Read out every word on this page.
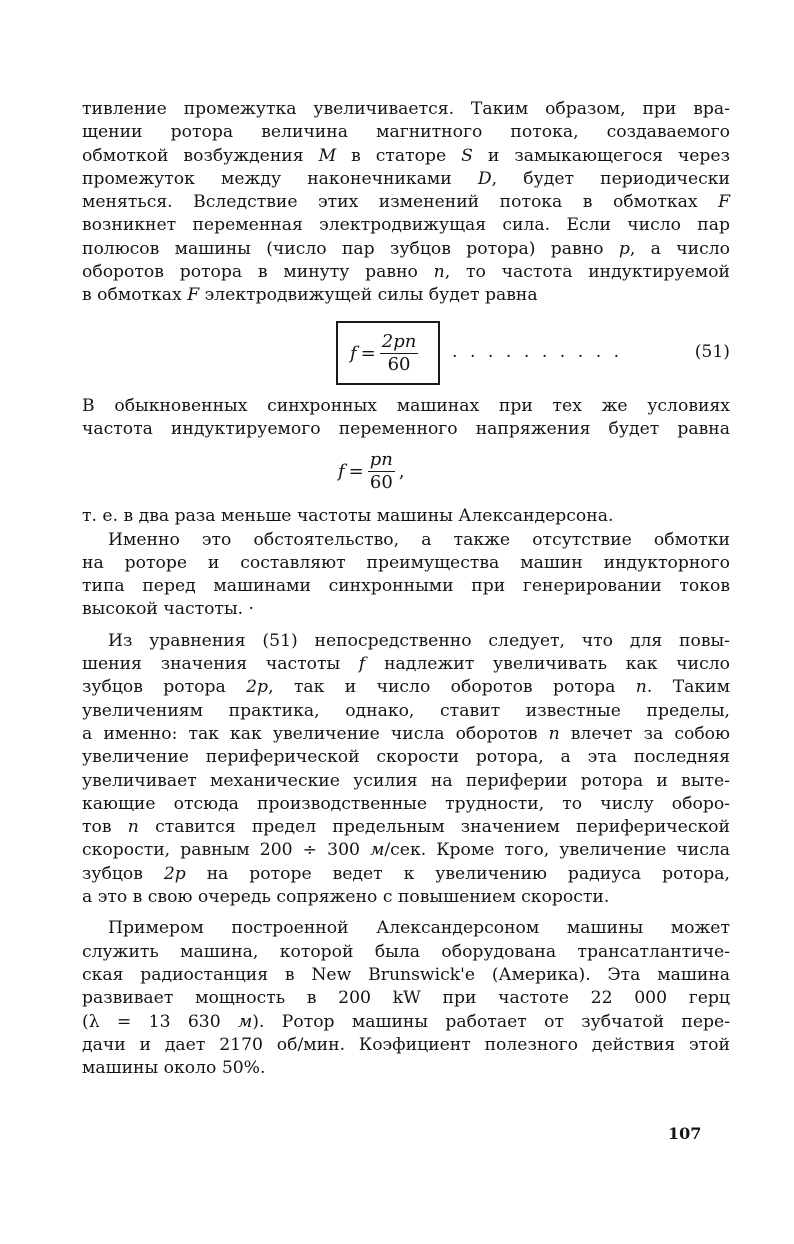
тивление промежутка увеличивается. Таким образом, при вра-
щении ротора величина магнитного потока, создаваемого
обмоткой возбуждения M в статоре S и замыкающегося через
промежуток между наконечниками D, будет периодически
меняться. Вследствие этих изменений потока в обмотках F
возникнет переменная электродвижущая сила. Если число пар
полюсов машины (число пар зубцов ротора) равно p, а число
оборотов ротора в минуту равно n, то частота индуктируемой
в обмотках F электродвижущей силы будет равна
$f = \frac{2pn}{60}$ ..........	(51)
В обыкновенных синхронных машинах при тех же условиях
частота индуктируемого переменного напряжения будет равна
$f = \frac{pn}{60}$ ,
т. е. в два раза меньше частоты машины Александерсона.
Именно это обстоятельство, а также отсутствие обмотки
на роторе и составляют преимущества машин индукторного
типа перед машинами синхронными при генерировании токов
высокой частоты. ·
Из уравнения (51) непосредственно следует, что для повы-
шения значения частоты f надлежит увеличивать как число
зубцов ротора 2p, так и число оборотов ротора n. Таким
увеличениям практика, однако, ставит известные пределы,
а именно: так как увеличение числа оборотов n влечет за собою
увеличение периферической скорости ротора, а эта последняя
увеличивает механические усилия на периферии ротора и выте-
кающие отсюда производственные трудности, то числу оборо-
тов n ставится предел предельным значением периферической
скорости, равным 200 ÷ 300 м/сек. Кроме того, увеличение числа
зубцов 2p на роторе ведет к увеличению радиуса ротора,
а это в свою очередь сопряжено с повышением скорости.
Примером построенной Александерсоном машины может
служить машина, которой была оборудована трансатлантиче-
ская радиостанция в New Brunswick'e (Америка). Эта машина
развивает мощность в 200 kW при частоте 22 000 герц
(λ = 13 630 м). Ротор машины работает от зубчатой пере-
дачи и дает 2170 об/мин. Коэфициент полезного действия этой
машины около 50%.
107
